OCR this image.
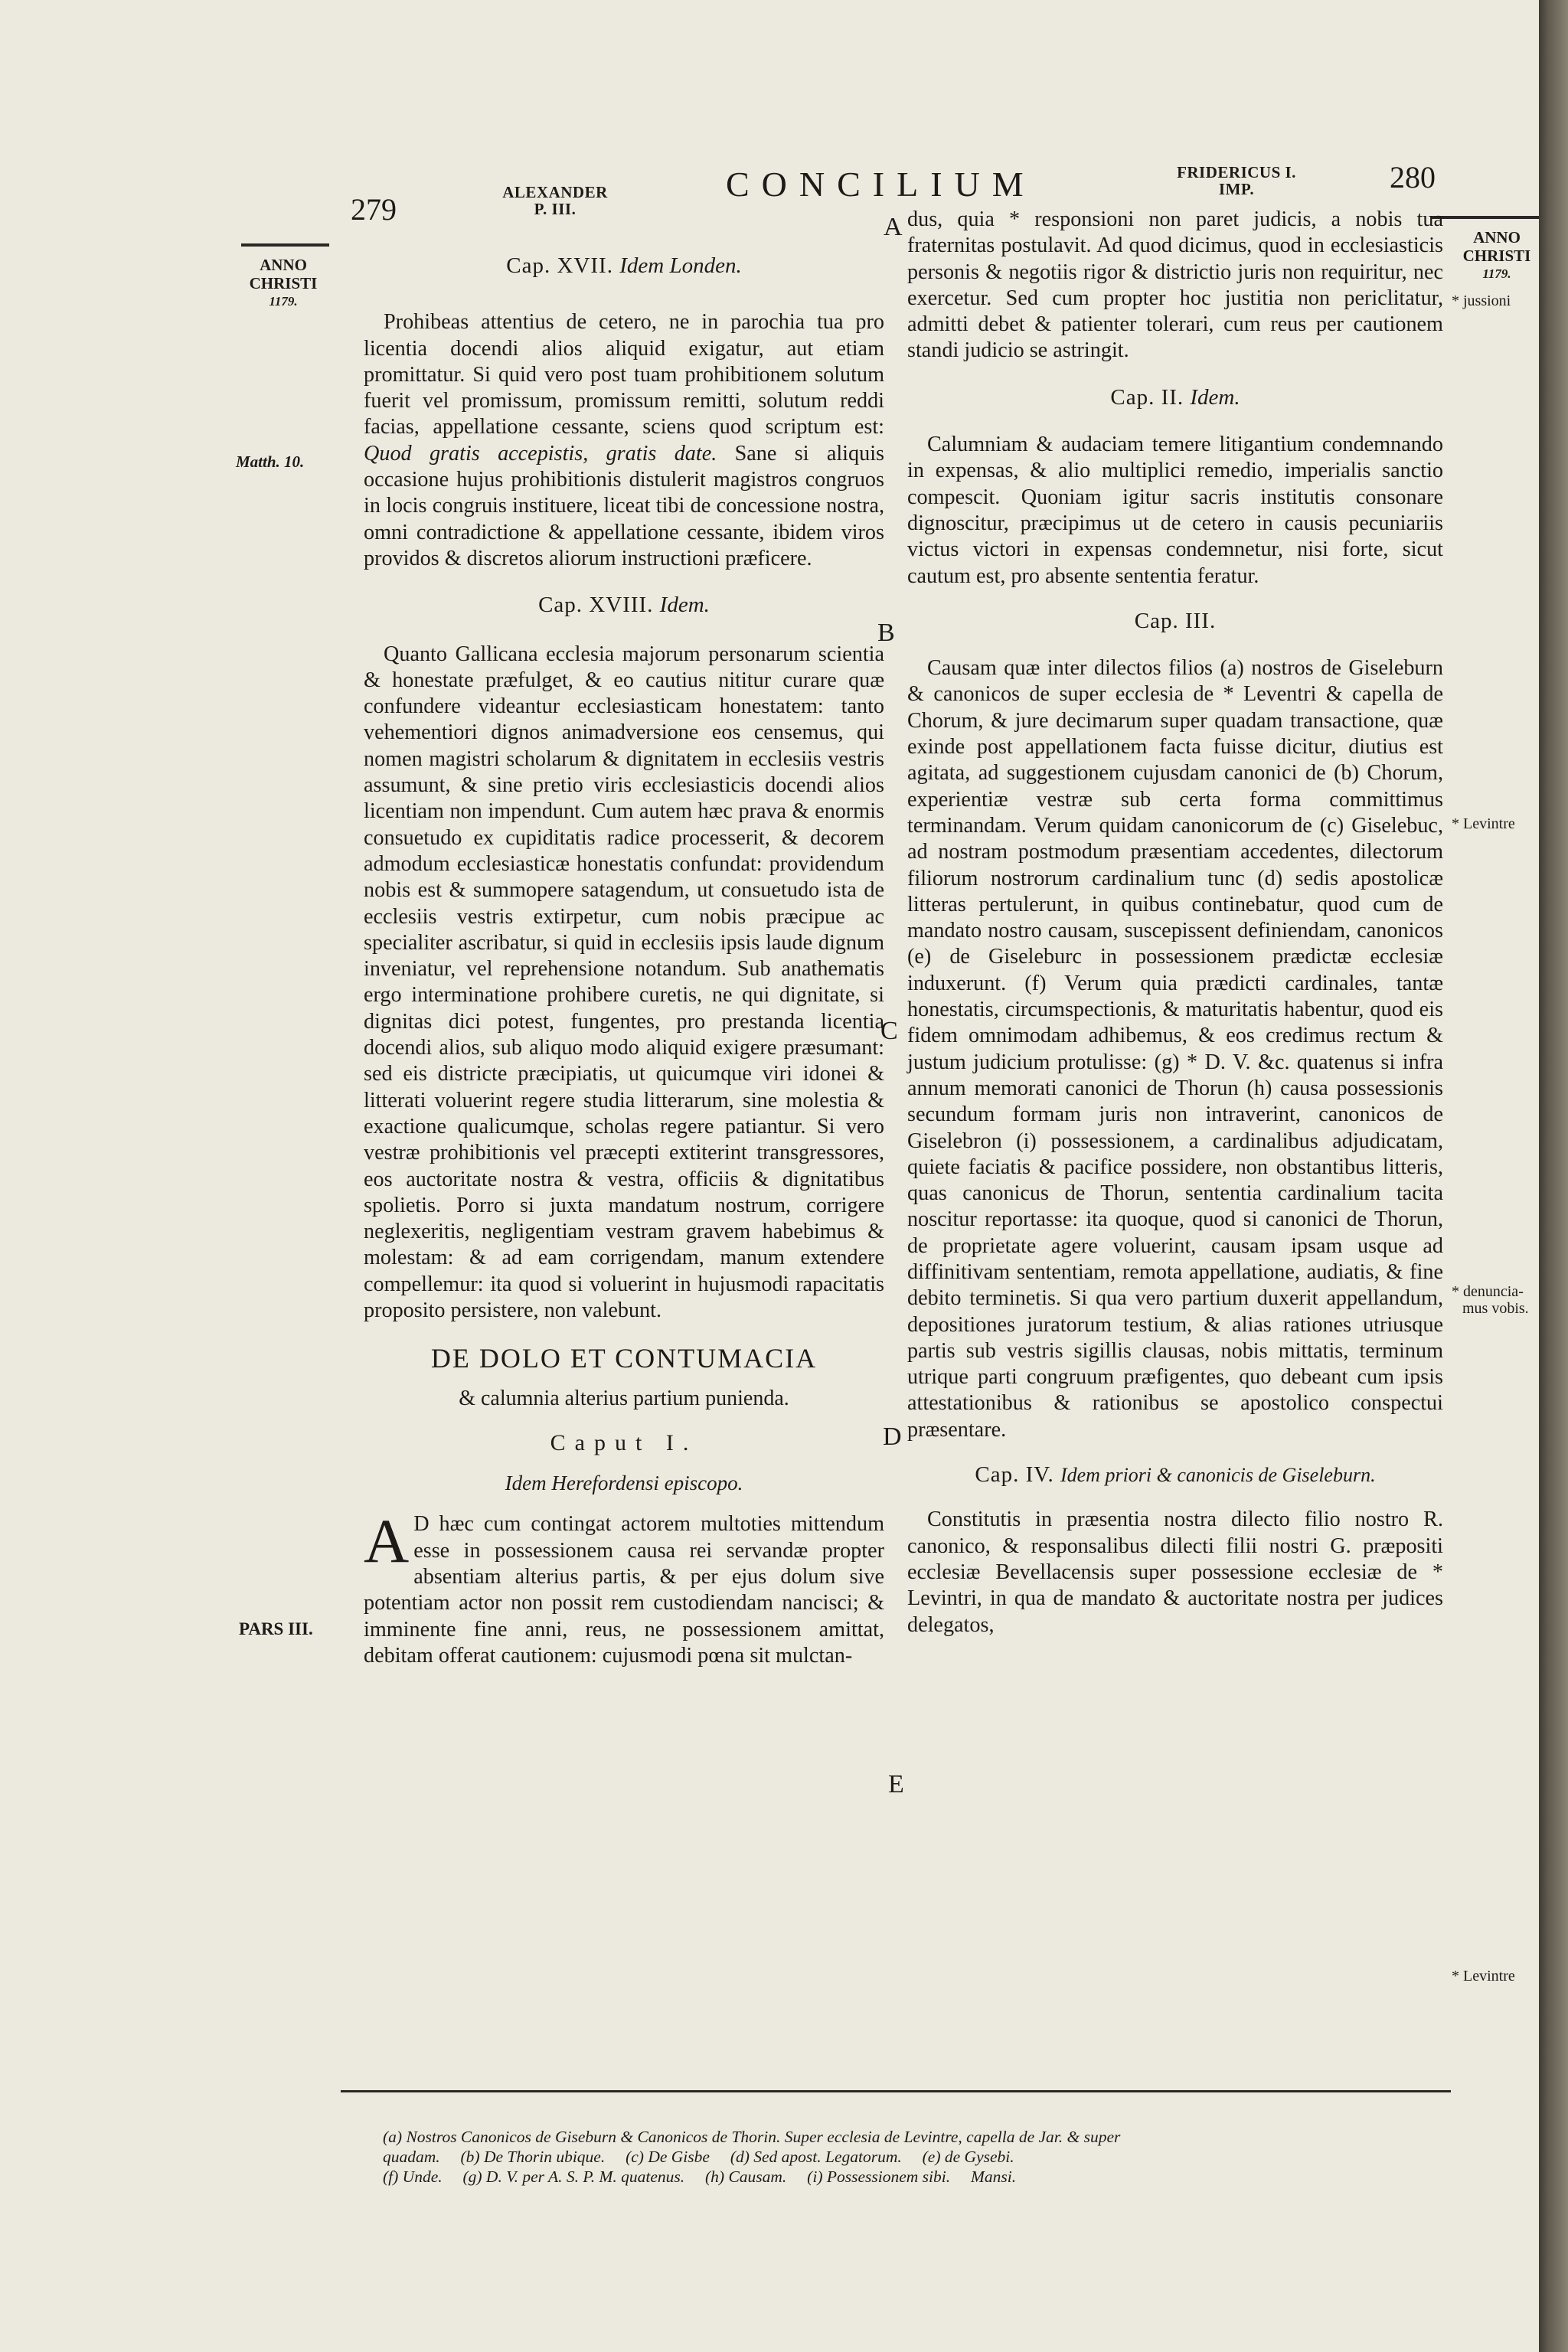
279	ALEXANDER
P. III.
CONCILIUM	FRIDERICUS I.
IMP.	280
ANNO
CHRISTI
1179.
Matth. 10.
PARS III.
ANNO
CHRISTI
1179.
* jussioni
* Levintre
* denuncia-
mus vobis.
* Levintre
A
B
C
D
E
Cap. XVII. Idem Londen.

Prohibeas attentius de cetero, ne in parochia tua pro licentia docendi alios aliquid exigatur, aut etiam promittatur. Si quid vero post tuam prohibitionem solutum fuerit vel promissum, promissum remitti, solutum reddi facias, appellatione cessante, sciens quod scriptum est: Quod gratis accepistis, gratis date. Sane si aliquis occasione hujus prohibitionis distulerit magistros congruos in locis congruis instituere, liceat tibi de concessione nostra, omni contradictione & appellatione cessante, ibidem viros providos & discretos aliorum instructioni præficere.

Cap. XVIII. Idem.

Quanto Gallicana ecclesia majorum personarum scientia & honestate præfulget, & eo cautius nititur curare quæ confundere videantur ecclesiasticam honestatem: tanto vehementiori dignos animadversione eos censemus, qui nomen magistri scholarum & dignitatem in ecclesiis vestris assumunt, & sine pretio viris ecclesiasticis docendi alios licentiam non impendunt. Cum autem hæc prava & enormis consuetudo ex cupiditatis radice processerit, & decorem admodum ecclesiasticæ honestatis confundat: providendum nobis est & summopere satagendum, ut consuetudo ista de ecclesiis vestris extirpetur, cum nobis præcipue ac specialiter ascribatur, si quid in ecclesiis ipsis laude dignum inveniatur, vel reprehensione notandum. Sub anathematis ergo interminatione prohibere curetis, ne qui dignitate, si dignitas dici potest, fungentes, pro prestanda licentia docendi alios, sub aliquo modo aliquid exigere præsumant: sed eis districte præcipiatis, ut quicumque viri idonei & litterati voluerint regere studia litterarum, sine molestia & exactione qualicumque, scholas regere patiantur. Si vero vestræ prohibitionis vel præcepti extiterint transgressores, eos auctoritate nostra & vestra, officiis & dignitatibus spolietis. Porro si juxta mandatum nostrum, corrigere neglexeritis, negligentiam vestram gravem habebimus & molestam: & ad eam corrigendam, manum extendere compellemur: ita quod si voluerint in hujusmodi rapacitatis proposito persistere, non valebunt.

DE DOLO ET CONTUMACIA
& calumnia alterius partium punienda.
Caput I.
Idem Herefordensi episcopo.

A D hæc cum contingat actorem multoties mittendum esse in possessionem causa rei servandæ propter absentiam alterius partis, & per ejus dolum sive potentiam actor non possit rem custodiendam nancisci; & imminente fine anni, reus, ne possessionem amittat, debitam offerat cautionem: cujusmodi pœna sit mulctan-

dus, quia * responsioni non paret judicis, a nobis tua fraternitas postulavit. Ad quod dicimus, quod in ecclesiasticis personis & negotiis rigor & districtio juris non requiritur, nec exercetur. Sed cum propter hoc justitia non periclitatur, admitti debet & patienter tolerari, cum reus per cautionem standi judicio se astringit.

Cap. II. Idem.

Calumniam & audaciam temere litigantium condemnando in expensas, & alio multiplici remedio, imperialis sanctio compescit. Quoniam igitur sacris institutis consonare dignoscitur, præcipimus ut de cetero in causis pecuniariis victus victori in expensas condemnetur, nisi forte, sicut cautum est, pro absente sententia feratur.

Cap. III.

Causam quæ inter dilectos filios (a) nostros de Giseleburn & canonicos de super ecclesia de * Leventri & capella de Chorum, & jure decimarum super quadam transactione, quæ exinde post appellationem facta fuisse dicitur, diutius est agitata, ad suggestionem cujusdam canonici de (b) Chorum, experientiæ vestræ sub certa forma committimus terminandam. Verum quidam canonicorum de (c) Giselebuc, ad nostram postmodum præsentiam accedentes, dilectorum filiorum nostrorum cardinalium tunc (d) sedis apostolicæ litteras pertulerunt, in quibus continebatur, quod cum de mandato nostro causam, suscepissent definiendam, canonicos (e) de Giseleburc in possessionem prædictæ ecclesiæ induxerunt. (f) Verum quia prædicti cardinales, tantæ honestatis, circumspectionis, & maturitatis habentur, quod eis fidem omnimodam adhibemus, & eos credimus rectum & justum judicium protulisse: (g) * D. V. &c. quatenus si infra annum memorati canonici de Thorun (h) causa possessionis secundum formam juris non intraverint, canonicos de Giselebron (i) possessionem, a cardinalibus adjudicatam, quiete faciatis & pacifice possidere, non obstantibus litteris, quas canonicus de Thorun, sententia cardinalium tacita noscitur reportasse: ita quoque, quod si canonici de Thorun, de proprietate agere voluerint, causam ipsam usque ad diffinitivam sententiam, remota appellatione, audiatis, & fine debito terminetis. Si qua vero partium duxerit appellandum, depositiones juratorum testium, & alias rationes utriusque partis sub vestris sigillis clausas, nobis mittatis, terminum utrique parti congruum præfigentes, quo debeant cum ipsis attestationibus & rationibus se apostolico conspectui præsentare.

Cap. IV. Idem priori & canonicis de Giseleburn.

Constitutis in præsentia nostra dilecto filio nostro R. canonico, & responsalibus dilecti filii nostri G. præpositi ecclesiæ Bevellacensis super possessione ecclesiæ de * Levintri, in qua de mandato & auctoritate nostra per judices delegatos,

(a) Nostros Canonicos de Giseburn & Canonicos de Thorin. Super ecclesia de Levintre, capella de Jar. & super
quadam.     (b) De Thorin ubique.     (c) De Gisbe     (d) Sed apost. Legatorum.     (e) de Gysebi.
(f) Unde.     (g) D. V. per A. S. P. M. quatenus.     (h) Causam.     (i) Possessionem sibi.     Mansi.
